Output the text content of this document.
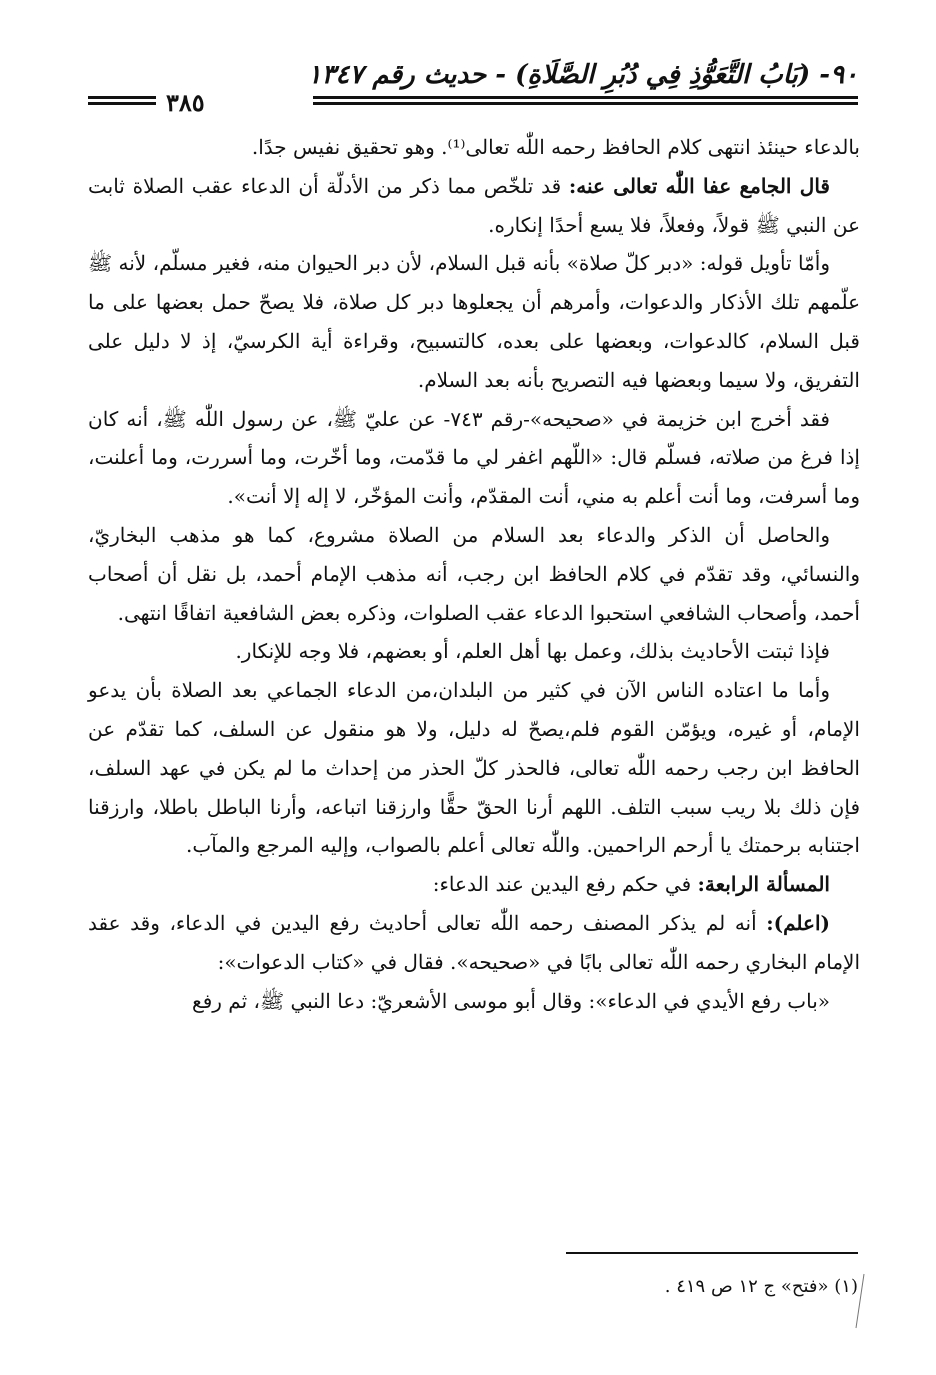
٩٠- (بَابُ التَّعَوُّذِ فِي دُبُرِ الصَّلَاةِ) - حديث رقم ١٣٤٧
٣٨٥

بالدعاء حينئذ انتهى كلام الحافظ رحمه اللّٰه تعالى⁽¹⁾. وهو تحقيق نفيس جدًا.

قال الجامع عفا اللّٰه تعالى عنه: قد تلخّص مما ذكر من الأدلّة أن الدعاء عقب الصلاة ثابت عن النبي ﷺ قولاً، وفعلاً، فلا يسع أحدًا إنكاره.

وأمّا تأويل قوله: «دبر كلّ صلاة» بأنه قبل السلام، لأن دبر الحيوان منه، فغير مسلّم، لأنه ﷺ علّمهم تلك الأذكار والدعوات، وأمرهم أن يجعلوها دبر كل صلاة، فلا يصحّ حمل بعضها على ما قبل السلام، كالدعوات، وبعضها على بعده، كالتسبيح، وقراءة أية الكرسيّ، إذ لا دليل على التفريق، ولا سيما وبعضها فيه التصريح بأنه بعد السلام.

فقد أخرج ابن خزيمة في «صحيحه»-رقم ٧٤٣- عن عليّ ﷺ، عن رسول اللّٰه ﷺ، أنه كان إذا فرغ من صلاته، فسلّم قال: «اللّهم اغفر لي ما قدّمت، وما أخّرت، وما أسررت، وما أعلنت، وما أسرفت، وما أنت أعلم به مني، أنت المقدّم، وأنت المؤخّر، لا إله إلا أنت».

والحاصل أن الذكر والدعاء بعد السلام من الصلاة مشروع، كما هو مذهب البخاريّ، والنسائي، وقد تقدّم في كلام الحافظ ابن رجب، أنه مذهب الإمام أحمد، بل نقل أن أصحاب أحمد، وأصحاب الشافعي استحبوا الدعاء عقب الصلوات، وذكره بعض الشافعية اتفاقًا انتهى.

فإذا ثبتت الأحاديث بذلك، وعمل بها أهل العلم، أو بعضهم، فلا وجه للإنكار.

وأما ما اعتاده الناس الآن في كثير من البلدان،من الدعاء الجماعي بعد الصلاة بأن يدعو الإمام، أو غيره، ويؤمّن القوم فلم،يصحّ له دليل، ولا هو منقول عن السلف، كما تقدّم عن الحافظ ابن رجب رحمه اللّٰه تعالى، فالحذر كلّ الحذر من إحداث ما لم يكن في عهد السلف، فإن ذلك بلا ريب سبب التلف. اللهم أرنا الحقّ حقًّا وارزقنا اتباعه، وأرنا الباطل باطلا، وارزقنا اجتنابه برحمتك يا أرحم الراحمين. واللّٰه تعالى أعلم بالصواب، وإليه المرجع والمآب.

المسألة الرابعة: في حكم رفع اليدين عند الدعاء:

(اعلم): أنه لم يذكر المصنف رحمه اللّٰه تعالى أحاديث رفع اليدين في الدعاء، وقد عقد الإمام البخاري رحمه اللّٰه تعالى بابًا في «صحيحه». فقال في «كتاب الدعوات»:

«باب رفع الأيدي في الدعاء»: وقال أبو موسى الأشعريّ: دعا النبي ﷺ، ثم رفع

(١) «فتح» ج ١٢ ص ٤١٩ .
